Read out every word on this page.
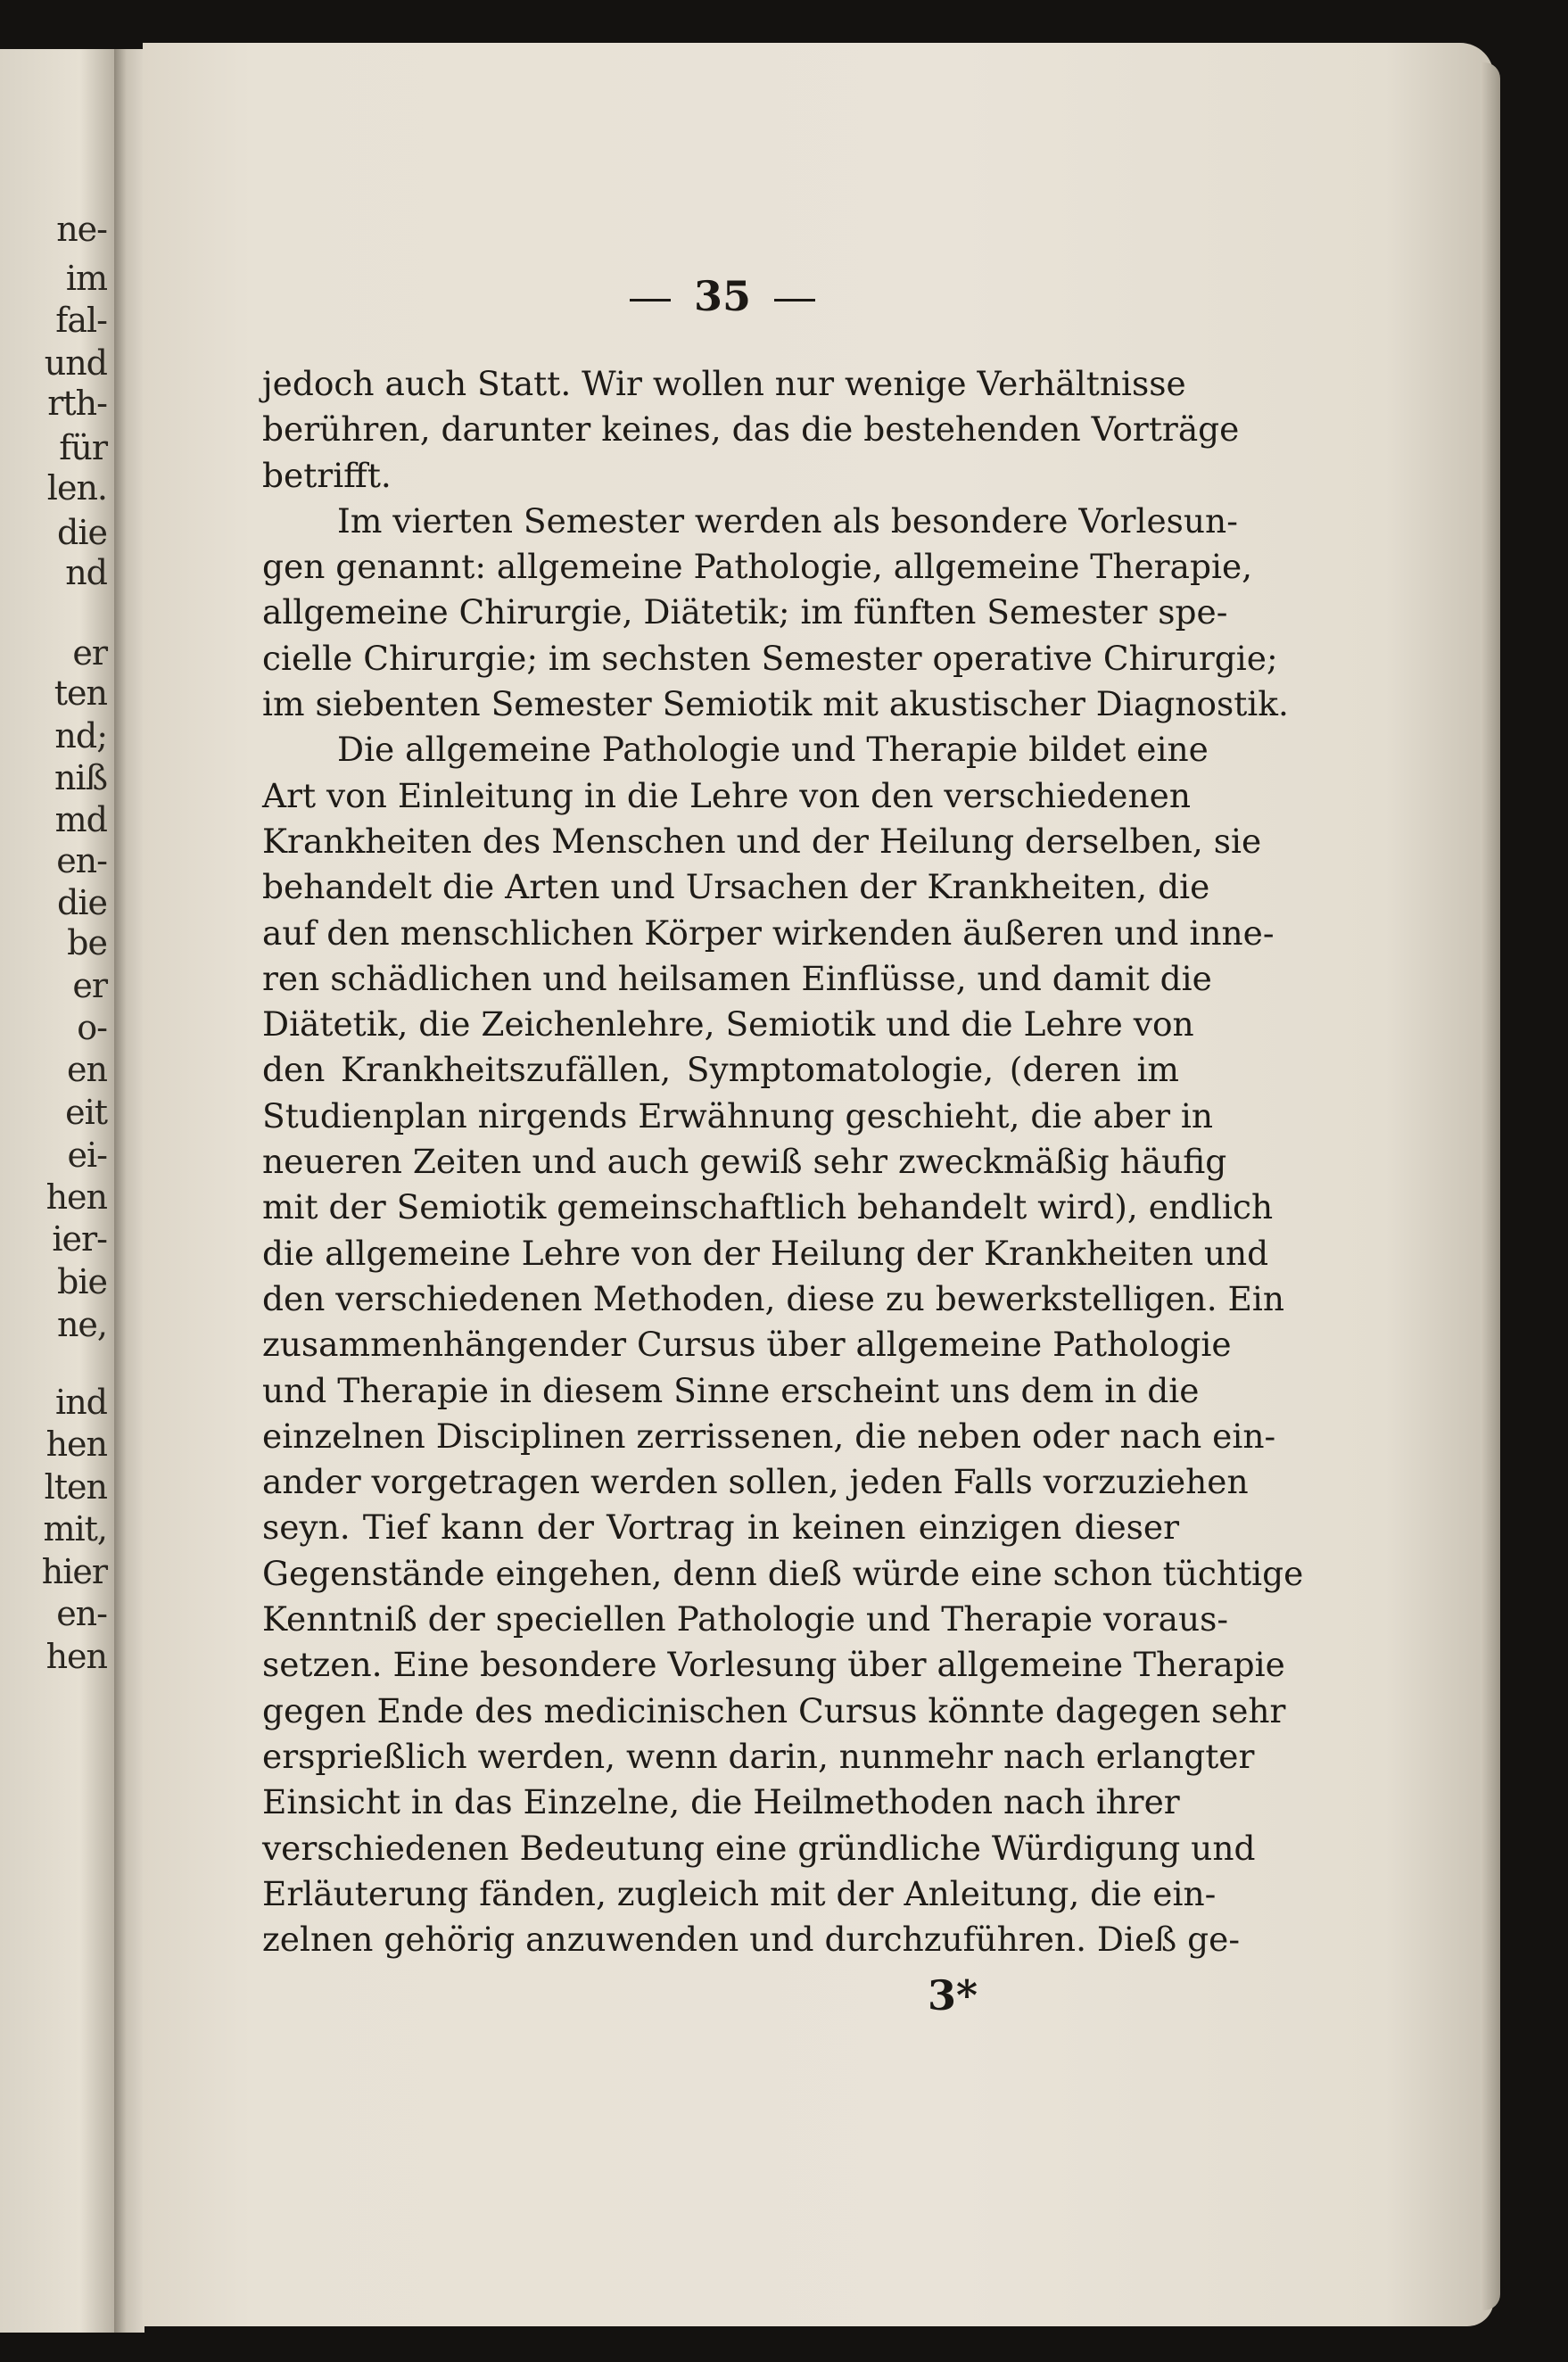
ne-
im
fal-
und
rth-
für
len.
die
nd
er
ten
nd;
niß
md
en-
die
be
er
o-
en
eit
ei-
hen
ier-
bie
ne,
ind
hen
lten
mit,
hier
en-
hen
35
jedoch auch Statt. Wir wollen nur wenige Verhältnisse
berühren, darunter keines, das die bestehenden Vorträge
betrifft.
Im vierten Semester werden als besondere Vorlesun-
gen genannt: allgemeine Pathologie, allgemeine Therapie,
allgemeine Chirurgie, Diätetik; im fünften Semester spe-
cielle Chirurgie; im sechsten Semester operative Chirurgie;
im siebenten Semester Semiotik mit akustischer Diagnostik.
Die allgemeine Pathologie und Therapie bildet eine
Art von Einleitung in die Lehre von den verschiedenen
Krankheiten des Menschen und der Heilung derselben, sie
behandelt die Arten und Ursachen der Krankheiten, die
auf den menschlichen Körper wirkenden äußeren und inne-
ren schädlichen und heilsamen Einflüsse, und damit die
Diätetik, die Zeichenlehre, Semiotik und die Lehre von
den Krankheitszufällen, Symptomatologie, (deren im
Studienplan nirgends Erwähnung geschieht, die aber in
neueren Zeiten und auch gewiß sehr zweckmäßig häufig
mit der Semiotik gemeinschaftlich behandelt wird), endlich
die allgemeine Lehre von der Heilung der Krankheiten und
den verschiedenen Methoden, diese zu bewerkstelligen. Ein
zusammenhängender Cursus über allgemeine Pathologie
und Therapie in diesem Sinne erscheint uns dem in die
einzelnen Disciplinen zerrissenen, die neben oder nach ein-
ander vorgetragen werden sollen, jeden Falls vorzuziehen
seyn. Tief kann der Vortrag in keinen einzigen dieser
Gegenstände eingehen, denn dieß würde eine schon tüchtige
Kenntniß der speciellen Pathologie und Therapie voraus-
setzen. Eine besondere Vorlesung über allgemeine Therapie
gegen Ende des medicinischen Cursus könnte dagegen sehr
ersprießlich werden, wenn darin, nunmehr nach erlangter
Einsicht in das Einzelne, die Heilmethoden nach ihrer
verschiedenen Bedeutung eine gründliche Würdigung und
Erläuterung fänden, zugleich mit der Anleitung, die ein-
zelnen gehörig anzuwenden und durchzuführen. Dieß ge-
3*
